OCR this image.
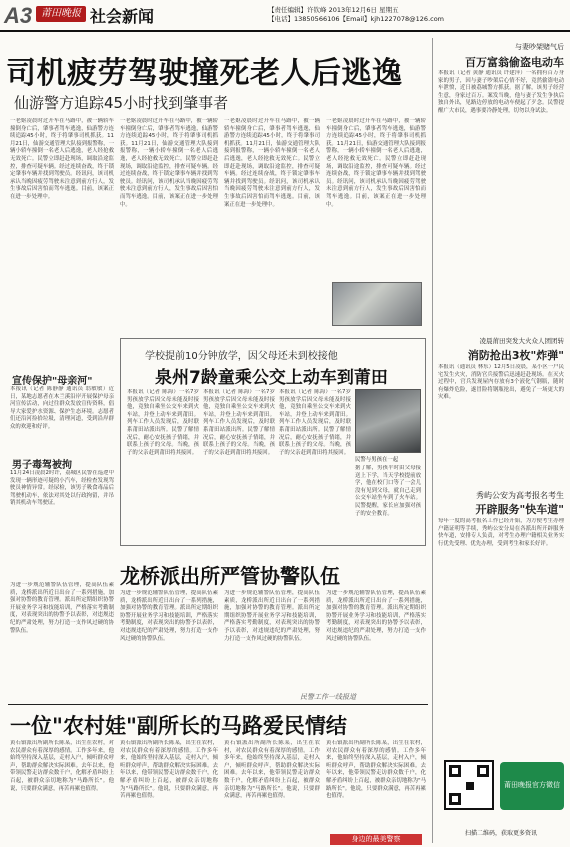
A3 莆田晚报 社会新闻	【责任编辑】许钦峰 2013年12月6日 星期五
【电话】13850566106【Email】kjh1227078@126.com
司机疲劳驾驶撞死老人后逃逸
仙游警方追踪45小时找到肇事者
一老妪凌晨时过开车在马路中，被一辆轿车撞倒身亡后，肇事者驾车逃逸，仙游警方连续追踪45小时，终于将肇事司机抓获。11月21日，仙游交通管理大队接到报警称，一辆小轿车撞倒一名老人后逃逸，老人经抢救无效死亡。民警立即赶赴现场，调取沿途监控，排查可疑车辆。经过连续奋战，终于锁定肇事车辆并找到驾驶员。经讯问，该司机承认当晚因疲劳驾驶未注意到前方行人，发生事故后因害怕而驾车逃逸。目前，该案正在进一步处理中。
一老妪凌晨时过开车在马路中，被一辆轿车撞倒身亡后，肇事者驾车逃逸，仙游警方连续追踪45小时，终于将肇事司机抓获。11月21日，仙游交通管理大队接到报警称，一辆小轿车撞倒一名老人后逃逸，老人经抢救无效死亡。民警立即赶赴现场，调取沿途监控，排查可疑车辆。经过连续奋战，终于锁定肇事车辆并找到驾驶员。经讯问，该司机承认当晚因疲劳驾驶未注意到前方行人，发生事故后因害怕而驾车逃逸。目前，该案正在进一步处理中。
一老妪凌晨时过开车在马路中，被一辆轿车撞倒身亡后，肇事者驾车逃逸，仙游警方连续追踪45小时，终于将肇事司机抓获。11月21日，仙游交通管理大队接到报警称，一辆小轿车撞倒一名老人后逃逸，老人经抢救无效死亡。民警立即赶赴现场，调取沿途监控，排查可疑车辆。经过连续奋战，终于锁定肇事车辆并找到驾驶员。经讯问，该司机承认当晚因疲劳驾驶未注意到前方行人，发生事故后因害怕而驾车逃逸。目前，该案正在进一步处理中。
一老妪凌晨时过开车在马路中，被一辆轿车撞倒身亡后，肇事者驾车逃逸，仙游警方连续追踪45小时，终于将肇事司机抓获。11月21日，仙游交通管理大队接到报警称，一辆小轿车撞倒一名老人后逃逸，老人经抢救无效死亡。民警立即赶赴现场，调取沿途监控，排查可疑车辆。经过连续奋战，终于锁定肇事车辆并找到驾驶员。经讯问，该司机承认当晚因疲劳驾驶未注意到前方行人，发生事故后因害怕而驾车逃逸。目前，该案正在进一步处理中。
宣传保护"母亲河"
本报讯（记者 陈静静 通讯员 翁敏敏）近日，某地志愿者在木兰溪沿岸开展保护母亲河宣传活动，向过往群众发放宣传资料，倡导大家爱护水资源、保护生态环境。志愿者们还沿河捡拾垃圾，清理河道，受到沿岸群众的欢迎和好评。
男子毒驾被拘
11月24日凌晨2时许，荔城区民警在巡逻中发现一辆形迹可疑的小汽车，经检查发现驾驶员神情异常。经尿检，该男子吸食毒品后驾驶机动车，依法对其处以行政拘留，并吊销其机动车驾驶证。
学校提前10分钟放学，因父母还未到校接他
泉州7龄童乘公交上动车到莆田
本报讯（记者 陈海）一名7岁男孩放学后因父母未能及时接他，竟独自乘坐公交车来到火车站，并登上动车来到莆田。列车工作人员发现后，及时联系莆田站派出所。民警了解情况后，耐心安抚孩子情绪，并联系上孩子的父母。当晚，孩子的父亲赶到莆田将其接回。
本报讯（记者 陈海）一名7岁男孩放学后因父母未能及时接他，竟独自乘坐公交车来到火车站，并登上动车来到莆田。列车工作人员发现后，及时联系莆田站派出所。民警了解情况后，耐心安抚孩子情绪，并联系上孩子的父母。当晚，孩子的父亲赶到莆田将其接回。
本报讯（记者 陈海）一名7岁男孩放学后因父母未能及时接他，竟独自乘坐公交车来到火车站，并登上动车来到莆田。列车工作人员发现后，及时联系莆田站派出所。民警了解情况后，耐心安抚孩子情绪，并联系上孩子的父母。当晚，孩子的父亲赶到莆田将其接回。
民警与男孩在一起
据了解，男孩平时由父母接送上下学，当天学校提前放学，他在校门口等了一会儿没有见到父母，就自己走到公交车站坐车到了火车站。民警提醒，家长应加强对孩子的安全教育。
龙桥派出所严管协警队伍
为进一步规范辅警队伍管理，提高队伍素质，龙桥派出所近日出台了一系列措施，加强对协警的教育管理。派出所定期组织协警开展业务学习和技能培训，严格落实考勤制度，对表现突出的协警予以表彰，对违规违纪的严肃处理，努力打造一支作风过硬的协警队伍。
为进一步规范辅警队伍管理，提高队伍素质，龙桥派出所近日出台了一系列措施，加强对协警的教育管理。派出所定期组织协警开展业务学习和技能培训，严格落实考勤制度，对表现突出的协警予以表彰，对违规违纪的严肃处理，努力打造一支作风过硬的协警队伍。
为进一步规范辅警队伍管理，提高队伍素质，龙桥派出所近日出台了一系列措施，加强对协警的教育管理。派出所定期组织协警开展业务学习和技能培训，严格落实考勤制度，对表现突出的协警予以表彰，对违规违纪的严肃处理，努力打造一支作风过硬的协警队伍。
为进一步规范辅警队伍管理，提高队伍素质，龙桥派出所近日出台了一系列措施，加强对协警的教育管理。派出所定期组织协警开展业务学习和技能培训，严格落实考勤制度，对表现突出的协警予以表彰，对违规违纪的严肃处理，努力打造一支作风过硬的协警队伍。
民警工作一线报道
一位"农村娃"副所长的马路爱民情结
黄石镇派出所副所长陈某，出生在农村，对农民群众有着深厚的感情。工作多年来，他始终坚持深入基层，走村入户，倾听群众呼声，帮助群众解决实际困难。去年以来，他带领民警走访群众数千户，化解矛盾纠纷上百起，被群众亲切地称为"马路所长"。他说，只要群众满意，再苦再累也值得。
黄石镇派出所副所长陈某，出生在农村，对农民群众有着深厚的感情。工作多年来，他始终坚持深入基层，走村入户，倾听群众呼声，帮助群众解决实际困难。去年以来，他带领民警走访群众数千户，化解矛盾纠纷上百起，被群众亲切地称为"马路所长"。他说，只要群众满意，再苦再累也值得。
黄石镇派出所副所长陈某，出生在农村，对农民群众有着深厚的感情。工作多年来，他始终坚持深入基层，走村入户，倾听群众呼声，帮助群众解决实际困难。去年以来，他带领民警走访群众数千户，化解矛盾纠纷上百起，被群众亲切地称为"马路所长"。他说，只要群众满意，再苦再累也值得。
黄石镇派出所副所长陈某，出生在农村，对农民群众有着深厚的感情。工作多年来，他始终坚持深入基层，走村入户，倾听群众呼声，帮助群众解决实际困难。去年以来，他带领民警走访群众数千户，化解矛盾纠纷上百起，被群众亲切地称为"马路所长"。他说，只要群众满意，再苦再累也值得。
身边的最美警察
与妻吵架赌气后
百万富翁偷盗电动车
本报讯（记者 黄静 通讯员 许建萍）一名拥有百万身家的男子，因与妻子吵架后心情不好，竟然偷盗电动车泄愤，近日被荔城警方抓获。据了解，该男子经营生意，身家过百万。案发当晚，他与妻子发生争执后独自外出，见路边停放的电动车便起了歹念。民警提醒广大市民，遇事要冷静处理，切勿以身试法。
凌晨莆田突发大火众人团团转
消防抢出3枚"炸弹"
本报讯（通讯员 林东）12月5日凌晨，某小区一户民宅发生火灾，消防官兵接警后迅速赶赴现场。在灭火过程中，官兵发现屋内存放有3个液化气钢瓶，随时有爆炸危险，遂冒险将钢瓶抢出，避免了一场更大的灾难。
秀屿公安为高考报名考生
开辟服务"快车道"
每年一度的高考报名工作已经开始，为方便考生办理户籍证明等手续，秀屿公安分局在各派出所开辟服务快车道，安排专人负责，对考生办理户籍相关业务实行优先受理、优先办理，受到考生和家长好评。
莆田晚报官方微信
扫描二维码，获取更多资讯
